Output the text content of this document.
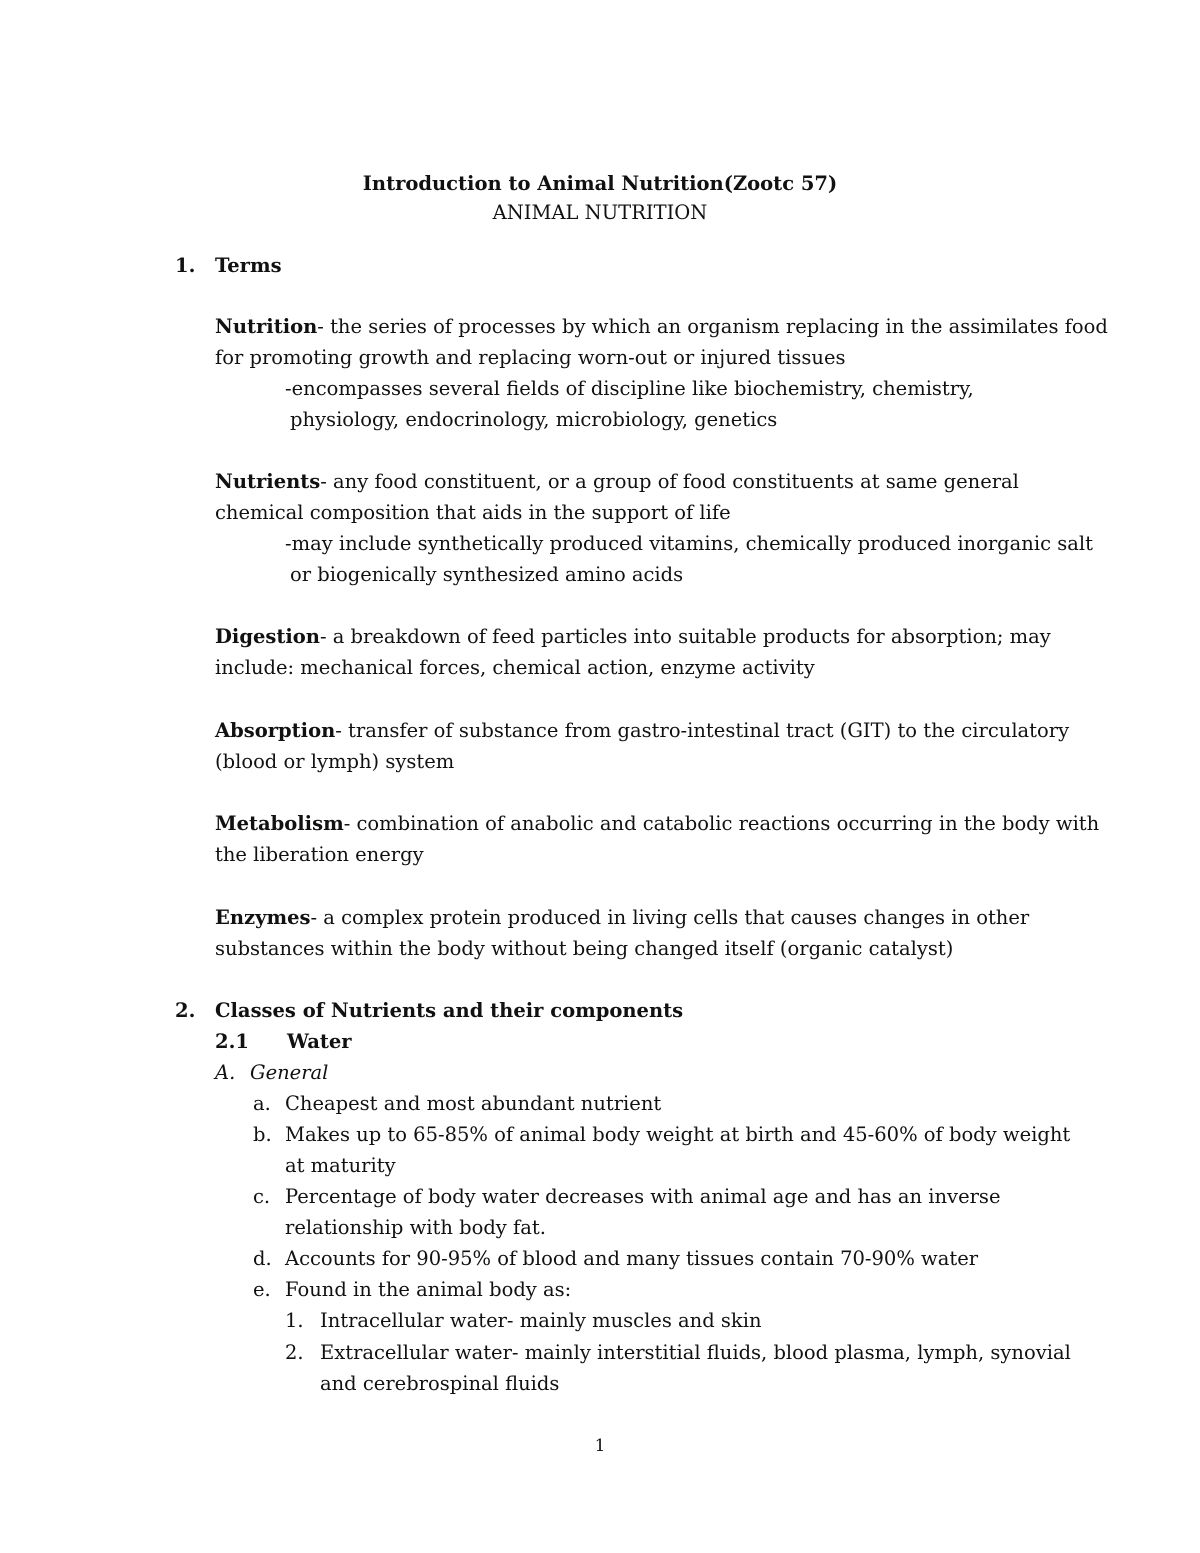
Introduction to Animal Nutrition(Zootc 57)
ANIMAL NUTRITION
1. Terms
Nutrition- the series of processes by which an organism replacing in the assimilates food
for promoting growth and replacing worn-out or injured tissues
-encompasses several fields of discipline like biochemistry, chemistry,
physiology, endocrinology, microbiology, genetics
Nutrients- any food constituent, or a group of food constituents at same general
chemical composition that aids in the support of life
-may include synthetically produced vitamins, chemically produced inorganic salt
or biogenically synthesized amino acids
Digestion- a breakdown of feed particles into suitable products for absorption; may
include: mechanical forces, chemical action, enzyme activity
Absorption- transfer of substance from gastro-intestinal tract (GIT) to the circulatory
(blood or lymph) system
Metabolism- combination of anabolic and catabolic reactions occurring in the body with
the liberation energy
Enzymes- a complex protein produced in living cells that causes changes in other
substances within the body without being changed itself (organic catalyst)
2. Classes of Nutrients and their components
2.1 Water
A. General
a. Cheapest and most abundant nutrient
b. Makes up to 65-85% of animal body weight at birth and 45-60% of body weight
at maturity
c. Percentage of body water decreases with animal age and has an inverse
relationship with body fat.
d. Accounts for 90-95% of blood and many tissues contain 70-90% water
e. Found in the animal body as:
1. Intracellular water- mainly muscles and skin
2. Extracellular water- mainly interstitial fluids, blood plasma, lymph, synovial
and cerebrospinal fluids
1
